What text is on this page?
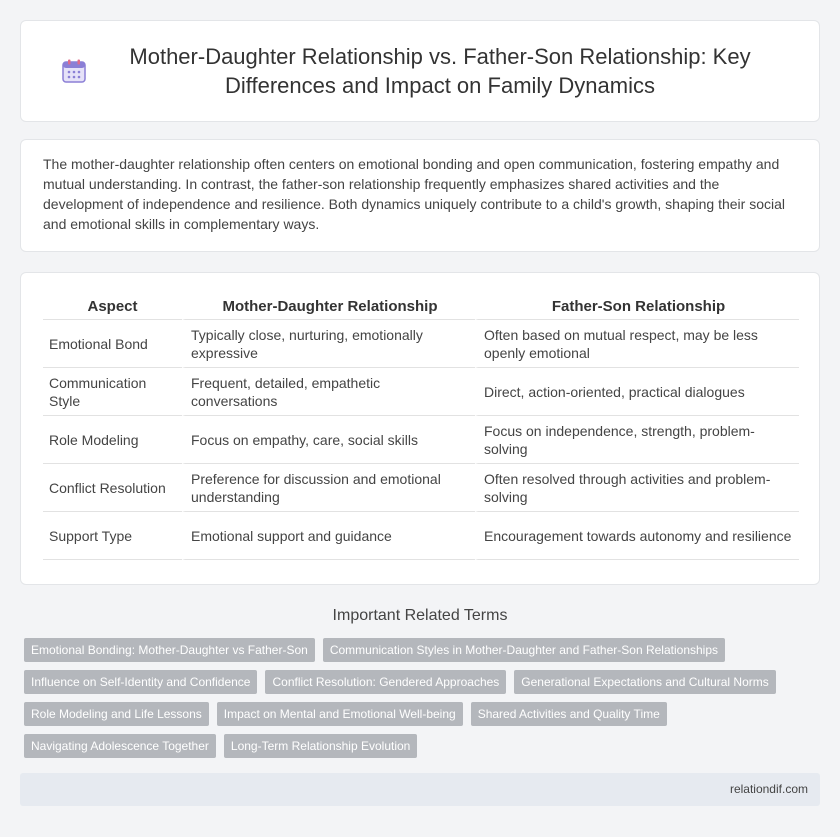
Mother-Daughter Relationship vs. Father-Son Relationship: Key Differences and Impact on Family Dynamics

The mother-daughter relationship often centers on emotional bonding and open communication, fostering empathy and mutual understanding. In contrast, the father-son relationship frequently emphasizes shared activities and the development of independence and resilience. Both dynamics uniquely contribute to a child's growth, shaping their social and emotional skills in complementary ways.

Aspect	Mother-Daughter Relationship	Father-Son Relationship
Emotional Bond	Typically close, nurturing, emotionally expressive	Often based on mutual respect, may be less openly emotional
Communication Style	Frequent, detailed, empathetic conversations	Direct, action-oriented, practical dialogues
Role Modeling	Focus on empathy, care, social skills	Focus on independence, strength, problem-solving
Conflict Resolution	Preference for discussion and emotional understanding	Often resolved through activities and problem-solving
Support Type	Emotional support and guidance	Encouragement towards autonomy and resilience
Important Related Terms
Emotional Bonding: Mother-Daughter vs Father-Son	Communication Styles in Mother-Daughter and Father-Son Relationships
Influence on Self-Identity and Confidence	Conflict Resolution: Gendered Approaches	Generational Expectations and Cultural Norms
Role Modeling and Life Lessons	Impact on Mental and Emotional Well-being	Shared Activities and Quality Time
Navigating Adolescence Together	Long-Term Relationship Evolution
relationdif.com
